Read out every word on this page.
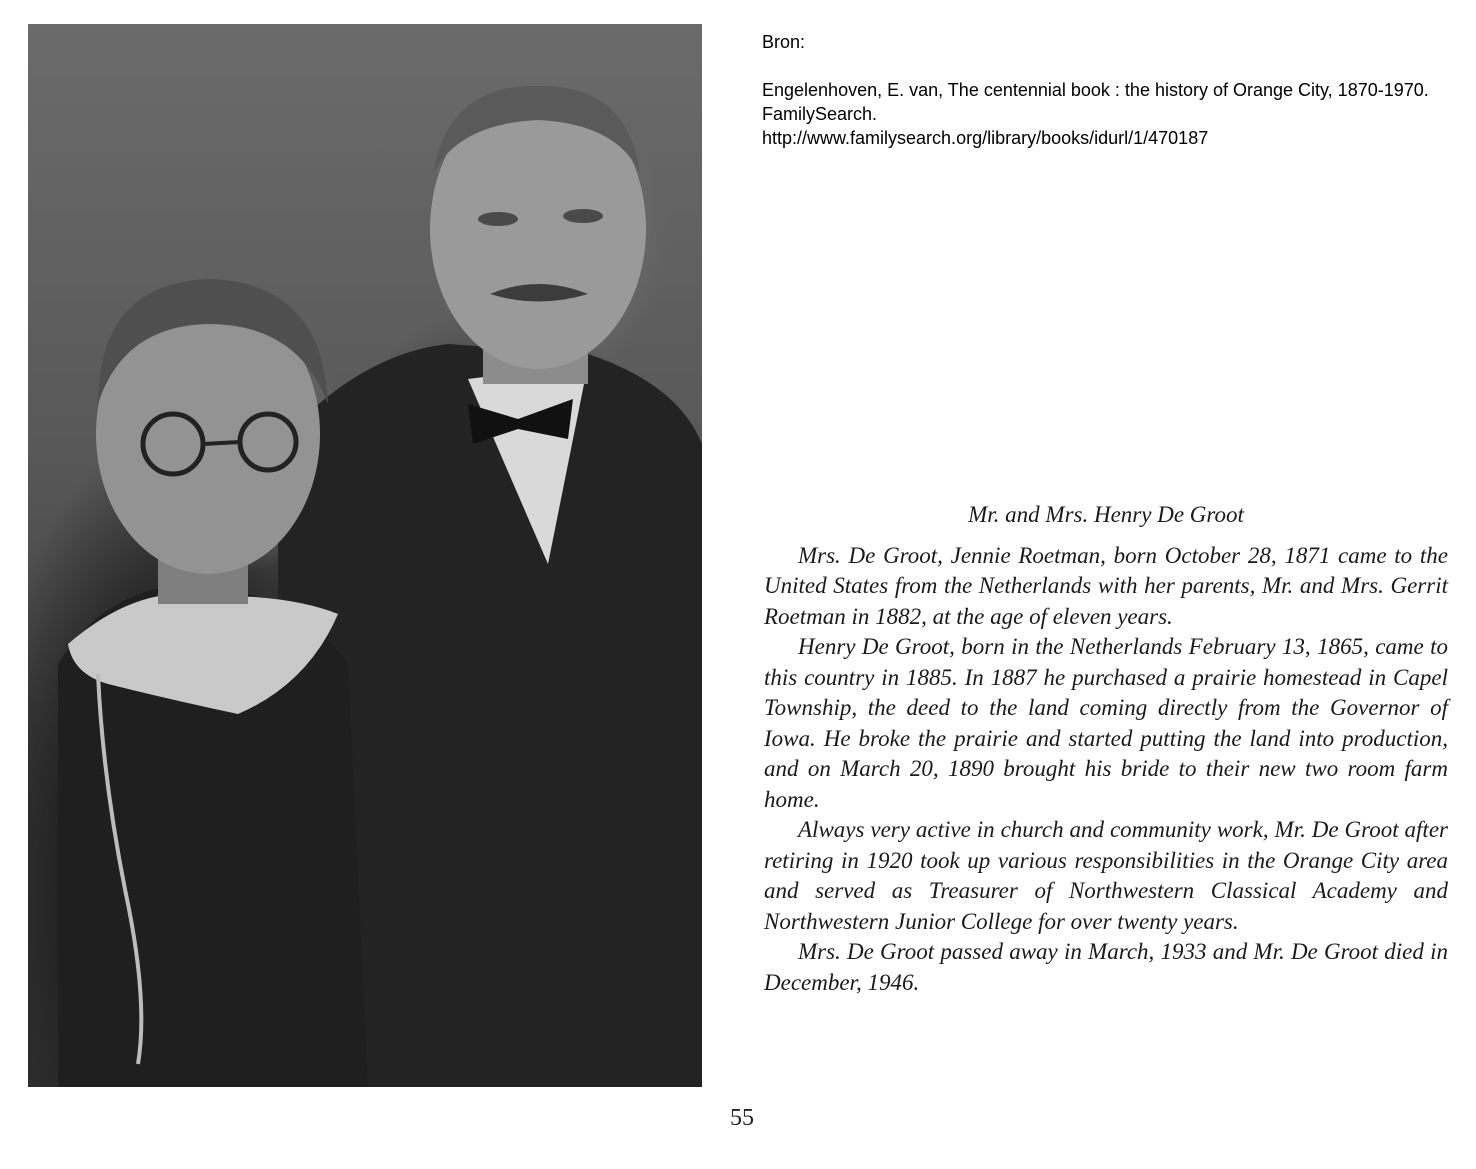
Bron:
Engelenhoven, E. van, The centennial book : the history of Orange City, 1870-1970. FamilySearch.
http://www.familysearch.org/library/books/idurl/1/470187
Mr. and Mrs. Henry De Groot

Mrs. De Groot, Jennie Roetman, born October 28, 1871 came to the United States from the Netherlands with her parents, Mr. and Mrs. Gerrit Roetman in 1882, at the age of eleven years.

Henry De Groot, born in the Netherlands February 13, 1865, came to this country in 1885. In 1887 he purchased a prairie homestead in Capel Township, the deed to the land coming directly from the Governor of Iowa. He broke the prairie and started putting the land into production, and on March 20, 1890 brought his bride to their new two room farm home.

Always very active in church and community work, Mr. De Groot after retiring in 1920 took up various responsibilities in the Orange City area and served as Treasurer of Northwestern Classical Academy and Northwestern Junior College for over twenty years.

Mrs. De Groot passed away in March, 1933 and Mr. De Groot died in December, 1946.

55
